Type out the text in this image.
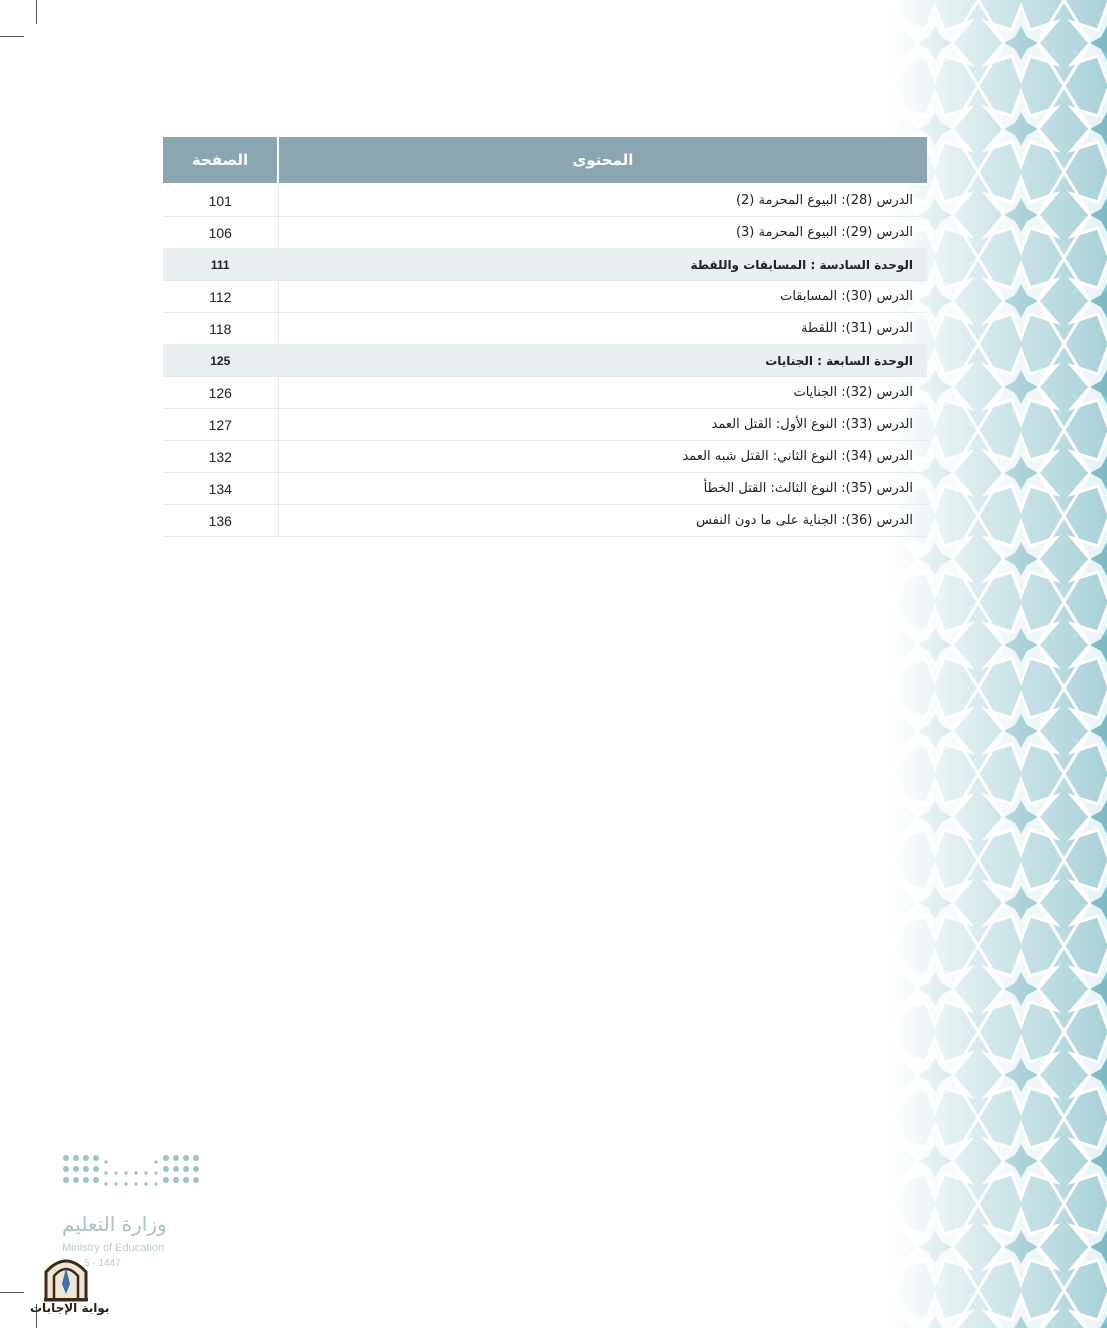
المحتوى	الصفحة
الدرس (28): البيوع المحرمة (2)	101
الدرس (29): البيوع المحرمة (3)	106
الوحدة السادسة : المسابقات واللقطة	111
الدرس (30): المسابقات	112
الدرس (31): اللقطة	118
الوحدة السابعة : الجنايات	125
الدرس (32): الجنايات	126
الدرس (33): النوع الأول: القتل العمد	127
الدرس (34): النوع الثاني: القتل شبه العمد	132
الدرس (35): النوع الثالث: القتل الخطأ	134
الدرس (36): الجناية على ما دون النفس	136
وزارة التعليم
Ministry of Education
5 - 1447
بوابة الإجابات
